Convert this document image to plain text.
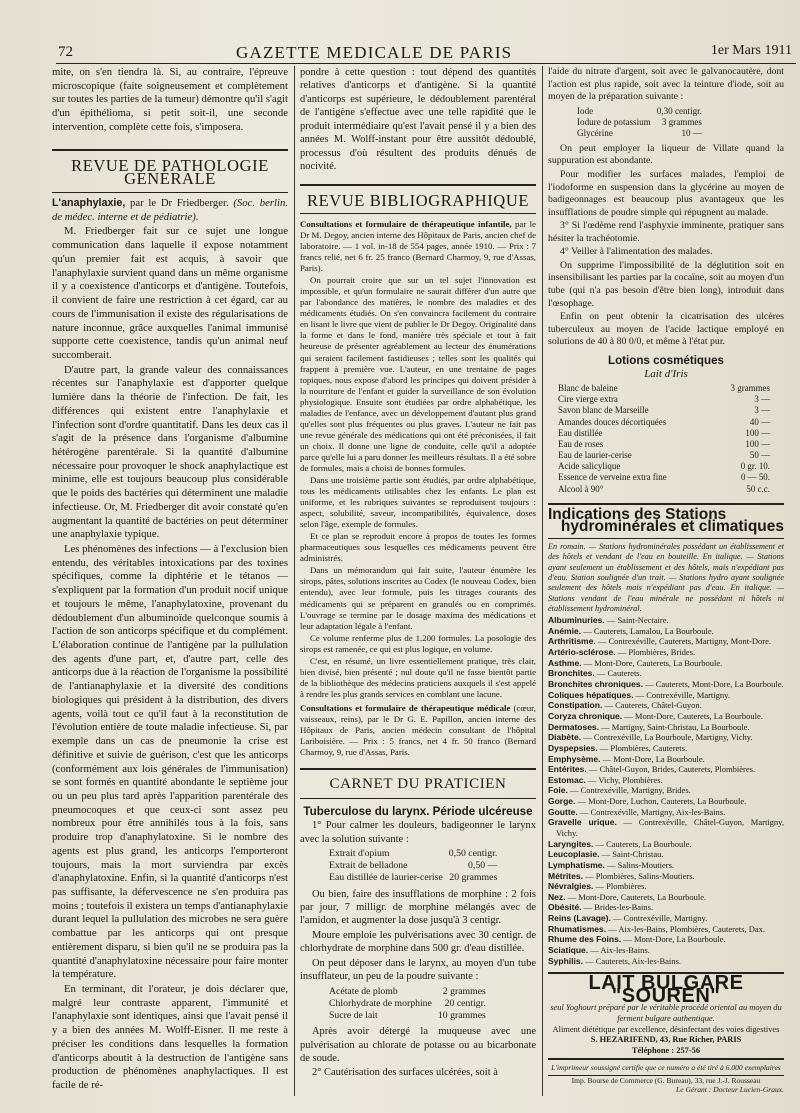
72	GAZETTE MEDICALE DE PARIS	1er Mars 1911

mite, on s'en tiendra là. Si, au contraire, l'épreuve microscopique (faite soigneusement et complètement sur toutes les parties de la tumeur) démontre qu'il s'agit d'un épithélioma, si petit soit-il, une seconde intervention, complète cette fois, s'imposera.

REVUE DE PATHOLOGIE GÉNÉRALE

L'anaphylaxie, par le Dr Friedberger. (Soc. berlin. de médec. interne et de pédiatrie).

M. Friedberger fait sur ce sujet une longue communication dans laquelle il expose notamment qu'un premier fait est acquis, à savoir que l'anaphylaxie survient quand dans un même organisme il y a coexistence d'anticorps et d'antigène. Toutefois, il convient de faire une restriction à cet égard, car au cours de l'immunisation il existe des régularisations de nature inconnue, grâce auxquelles l'animal immunisé supporte cette coexistence, tandis qu'un animal neuf succomberait.

D'autre part, la grande valeur des connaissances récentes sur l'anaphylaxie est d'apporter quelque lumière dans la théorie de l'infection. De fait, les différences qui existent entre l'anaphylaxie et l'infection sont d'ordre quantitatif. Dans les deux cas il s'agit de la présence dans l'organisme d'albumine hétérogène parentérale. Si la quantité d'albumine nécessaire pour provoquer le shock anaphylactique est minime, elle est toujours beaucoup plus considérable que le poids des bactéries qui déterminent une maladie infectieuse. Or, M. Friedberger dit avoir constaté qu'en augmentant la quantité de bactéries on peut déterminer une anaphylaxie typique.

Les phénomènes des infections — à l'exclusion bien entendu, des véritables intoxications par des toxines spécifiques, comme la diphtérie et le tétanos — s'expliquent par la formation d'un produit nocif unique et toujours le même, l'anaphylatoxine, provenant du dédoublement d'un albuminoïde quelconque soumis à l'action de son anticorps spécifique et du complément. L'élaboration continue de l'antigène par la pullulation des agents d'une part, et, d'autre part, celle des anticorps due à la réaction de l'organisme la possibilité de l'antianaphylaxie et la diversité des conditions biologiques qui président à la distribution, des divers agents, voilà tout ce qu'il faut à la reconstitution de l'évolution entière de toute maladie infectieuse. Si, par exemple dans un cas de pneumonie la crise est définitive et suivie de guérison, c'est que les anticorps (conformément aux lois générales de l'immunisation) se sont formés en quantité abondante le septième jour ou un peu plus tard après l'apparition parentérale des pneumocoques et que ceux-ci sont assez peu nombreux pour être annihilés tous à la fois, sans produire trop d'anaphylatoxine. Si le nombre des agents est plus grand, les anticorps l'emporteront toujours, mais la mort surviendra par excès d'anaphylatoxine. Enfin, si la quantité d'anticorps n'est pas suffisante, la défervescence ne s'en produira pas moins ; toutefois il existera un temps d'antianaphylaxie durant lequel la pullulation des microbes ne sera guère combattue par les anticorps qui ont presque entièrement disparu, si bien qu'il ne se produira pas la quantité d'anaphylatoxine nécessaire pour faire monter la température.

En terminant, dit l'orateur, je dois déclarer que, malgré leur contraste apparent, l'immunité et l'anaphylaxie sont identiques, ainsi que l'avait pensé il y a bien des années M. Wolff-Eisner. Il me reste à préciser les conditions dans lesquelles la formation d'anticorps aboutit à la destruction de l'antigène sans production de phénomènes anaphylactiques. Il est facile de ré-

pondre à cette question : tout dépend des quantités relatives d'anticorps et d'antigène. Si la quantité d'anticorps est supérieure, le dédoublement parentéral de l'antigène s'effectue avec une telle rapidité que le produit intermédiaire qu'est l'avait pensé il y a bien des années M. Wolff-instant pour être aussitôt dédoublé, processus d'où résultent des produits dénués de nocivité.

REVUE BIBLIOGRAPHIQUE

Consultations et formulaire de thérapeutique infantile, par le Dr M. Degoy, ancien interne des Hôpitaux de Paris, ancien chef de laboratoire. — 1 vol. in-18 de 554 pages, année 1910. — Prix : 7 francs relié, net 6 fr. 25 franco (Bernard Charmoy, 9, rue d'Assas, Paris).

On pourrait croire que sur un tel sujet l'innovation est impossible, et qu'un formulaire ne saurait différer d'un autre que par l'abondance des matières, le nombre des maladies et des médicaments étudiés. On s'en convaincra facilement du contraire en lisant le livre que vient de publier le Dr Degoy. Originalité dans la forme et dans le fond, manière très spéciale et tout à fait heureuse de présenter agréablement au lecteur des énumérations qui seraient facilement fastidieuses ; telles sont les qualités qui frappent à première vue. L'auteur, en une trentaine de pages topiques, nous expose d'abord les principes qui doivent présider à la nourriture de l'enfant et guider la surveillance de son évolution physiologique. Ensuite sont étudiées par ordre alphabétique, les maladies de l'enfance, avec un développement d'autant plus grand qu'elles sont plus fréquentes ou plus graves. L'auteur ne fait pas une revue générale des médications qui ont été préconisées, il fait un choix. Il donne une ligne de conduite, celle qu'il a adoptée parce qu'elle lui a paru donner les meilleurs résultats. Il a été sobre de formules, mais a choisi de bonnes formules.

Dans une troisième partie sont étudiés, par ordre alphabétique, tous les médicaments utilisables chez les enfants. Le plan est uniforme, et les rubriques suivantes se reproduisent toujours : aspect, solubilité, saveur, incompatibilités, équivalence, doses selon l'âge, exemple de formules.

Et ce plan se reproduit encore à propos de toutes les formes pharmaceutiques sous lesquelles ces médicaments peuvent être administrés.

Dans un mémorandum qui fait suite, l'auteur énumère les sirops, pâtes, solutions inscrites au Codex (le nouveau Codex, bien entendu), avec leur formule, puis les titrages courants des médicaments qui se préparent en granulés ou en comprimés. L'ouvrage se termine par le dosage maxima des médications et leur adaptation légale à l'enfant.

Ce volume renferme plus de 1.200 formules. La posologie des sirops est ramenée, ce qui est plus logique, en volume.

C'est, en résumé, un livre essentiellement pratique, très clair, bien divisé, bien présenté ; nul doute qu'il ne fasse bientôt partie de la bibliothèque des médecins praticiens auxquels il s'est appelé à rendre les plus grands services en comblant une lacune.

Consultations et formulaire de thérapeutique médicale (cœur, vaisseaux, reins), par le Dr G. E. Papillon, ancien interne des Hôpitaux de Paris, ancien médecin consultant de l'hôpital Lariboisière. — Prix : 5 francs, net 4 fr. 50 franco (Bernard Charmoy, 9, rue d'Assas, Paris.

CARNET DU PRATICIEN

Tuberculose du larynx. Période ulcéreuse

1° Pour calmer les douleurs, badigeonner le larynx avec la solution suivante :

Extrait d'opium	0,50 centigr.
Extrait de belladone	0,50 —
Eau distillée de laurier-cerise	20 grammes

Ou bien, faire des insufflations de morphine : 2 fois par jour, 7 milligr. de morphine mélangés avec de l'amidon, et augmenter la dose jusqu'à 3 centigr.

Moure emploie les pulvérisations avec 30 centigr. de chlorhydrate de morphine dans 500 gr. d'eau distillée.

On peut déposer dans le larynx, au moyen d'un tube insufflateur, un peu de la poudre suivante :

Acétate de plomb	2 grammes
Chlorhydrate de morphine	20 centigr.
Sucre de lait	10 grammes

Après avoir détergé la muqueuse avec une pulvérisation au chlorate de potasse ou au bicarbonate de soude.

2° Cautérisation des surfaces ulcérées, soit à

l'aide du nitrate d'argent, soit avec le galvanocautère, dont l'action est plus rapide, soit avec la teinture d'iode, soit au moyen de la préparation suivante :

Iode	0,30 centigr.
Iodure de potassium	3 grammes
Glycérine	10 —

On peut employer la liqueur de Villate quand la suppuration est abondante.

Pour modifier les surfaces malades, l'emploi de l'iodoforme en suspension dans la glycérine au moyen de badigeonnages est beaucoup plus avantageux que les insufflations de poudre simple qui répugnent au malade.

3° Si l'œdème rend l'asphyxie imminente, pratiquer sans hésiter la trachéotomie.

4° Veiller à l'alimentation des malades.

On supprime l'impossibilité de la déglutition soit en insensibilisant les parties par la cocaïne, soit au moyen d'un tube (qui n'a pas besoin d'être bien long), introduit dans l'œsophage.

Enfin on peut obtenir la cicatrisation des ulcères tuberculeux au moyen de l'acide lactique employé en solutions de 40 à 80 0/0, et même à l'état pur.

Lotions cosmétiques

Lait d'Iris

Blanc de baleine	3 grammes
Cire vierge extra	3 —
Savon blanc de Marseille	3 —
Amandes douces décortiquées	40 —
Eau distillée	100 —
Eau de roses	100 —
Eau de laurier-cerise	50 —
Acide salicylique	0 gr. 10.
Essence de verveine extra fine	0 — 50.
Alcool à 90°	50 c.c.
Indications des Stations
hydrominérales et climatiques

En romain. — Stations hydrominérales possédant un établissement et des hôtels et vendant de l'eau en bouteille. En italique. — Stations ayant seulement un établissement et des hôtels, mais n'expédiant pas d'eau. Station soulignée d'un trait. — Stations hydro ayant soulignée seulement des hôtels mais n'expédiant pas d'eau. En italique. — Stations vendant de l'eau minérale ne possédant ni hôtels ni établissement hydrominéral.

Albuminuries. — Saint-Nectaire.
Anémie. — Cauterets, Lamalou, La Bourboule.
Arthritisme. — Contrexéville, Cauterets, Martigny, Mont-Dore.
Artério-sclérose. — Plombières, Brides.
Asthme. — Mont-Dore, Cauterets, La Bourboule.
Bronchites. — Cauterets.
Bronchites chroniques. — Cauterets, Mont-Dore, La Bourboule.
Coliques hépatiques. — Contrexéville, Martigny.
Constipation. — Cauterets, Châtel-Guyon.
Coryza chronique. — Mont-Dore, Cauterets, La Bourboule.
Dermatoses. — Martigny, Saint-Christau, La Bourboule.
Diabète. — Contrexéville, La Bourboule, Martigny, Vichy.
Dyspepsies. — Plombières, Cauterets.
Emphysème. — Mont-Dore, La Bourboule.
Entérites. — Châtel-Guyon, Brides, Cauterets, Plombières.
Estomac. — Vichy, Plombières.
Foie. — Contrexéville, Martigny, Brides.
Gorge. — Mont-Dore, Luchon, Cauterets, La Bourboule.
Goutte. — Contrexéville, Martigny, Aix-les-Bains.
Gravelle urique. — Contrexéville, Châtel-Guyon, Martigny, Vichy.
Laryngites. — Cauterets, La Bourboule.
Leucoplasie. — Saint-Christau.
Lymphatisme. — Salins-Moutiers.
Métrites. — Plombières, Salins-Moutiers.
Névralgies. — Plombières.
Nez. — Mont-Dore, Cauterets, La Bourboule.
Obésité. — Brides-les-Bains.
Reins (Lavage). — Contrexéville, Martigny.
Rhumatismes. — Aix-les-Bains, Plombières, Cauterets, Dax.
Rhume des Foins. — Mont-Dore, La Bourboule.
Sciatique. — Aix-les-Bains.
Syphilis. — Cauterets, Aix-les-Bains.
LAIT BULGARE "SOUREN"
seul Yoghourt préparé par le véritable procédé oriental au moyen du ferment bulgare authentique.
Aliment diététique par excellence, désinfectant des voies digestives
S. HEZARIFEND, 43, Rue Richer, PARIS
Téléphone : 257-56
L'imprimeur soussigné certifie que ce numéro a été tiré à 6.000 exemplaires
Imp. Bourse de Commerce (G. Bureau), 33, rue J.-J. Rousseau
Le Gérant : Docteur Lucien-Graux.
